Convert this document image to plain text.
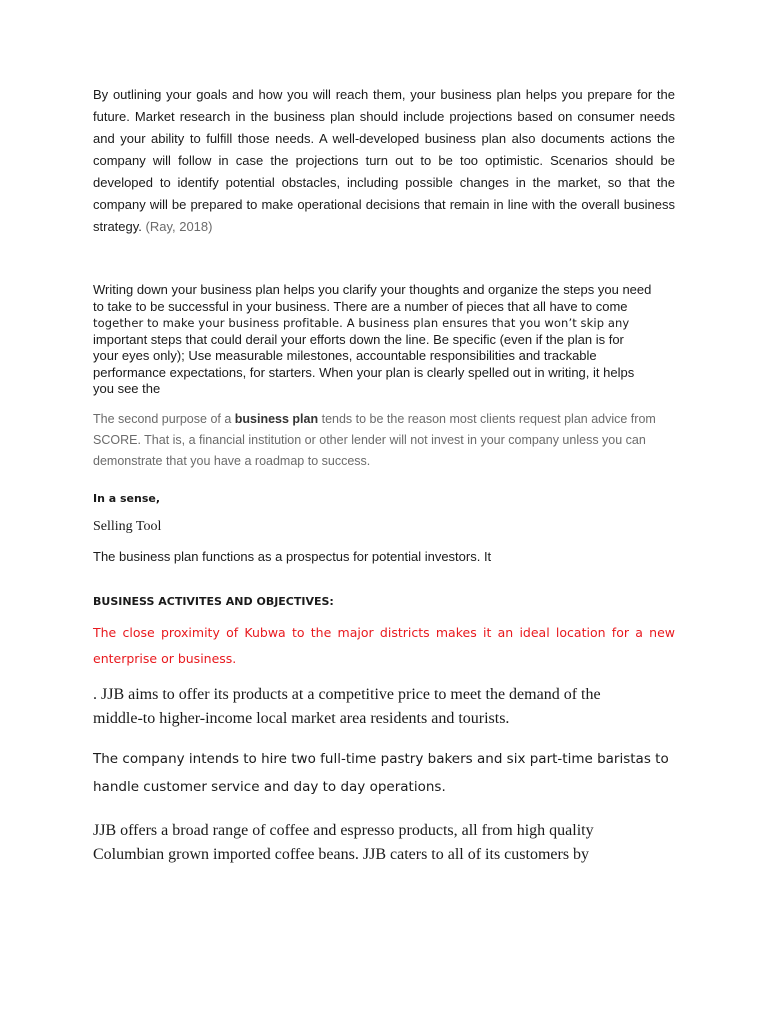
By outlining your goals and how you will reach them, your business plan helps you prepare for the future. Market research in the business plan should include projections based on consumer needs and your ability to fulfill those needs. A well-developed business plan also documents actions the company will follow in case the projections turn out to be too optimistic. Scenarios should be developed to identify potential obstacles, including possible changes in the market, so that the company will be prepared to make operational decisions that remain in line with the overall business strategy. (Ray, 2018)

Writing down your business plan helps you clarify your thoughts and organize the steps you need
to take to be successful in your business. There are a number of pieces that all have to come
together to make your business profitable. A business plan ensures that you won’t skip any
important steps that could derail your efforts down the line. Be specific (even if the plan is for
your eyes only); Use measurable milestones, accountable responsibilities and trackable
performance expectations, for starters. When your plan is clearly spelled out in writing, it helps
you see the

The second purpose of a business plan tends to be the reason most clients request plan advice from SCORE. That is, a financial institution or other lender will not invest in your company unless you can demonstrate that you have a roadmap to success.

In a sense,
Selling Tool
The business plan functions as a prospectus for potential investors. It
BUSINESS ACTIVITES AND OBJECTIVES:

The close proximity of Kubwa to the major districts makes it an ideal location for a new enterprise or business.

. JJB aims to offer its products at a competitive price to meet the demand of the
middle-to higher-income local market area residents and tourists.

The company intends to hire two full-time pastry bakers and six part-time baristas to handle customer service and day to day operations.

JJB offers a broad range of coffee and espresso products, all from high quality
Columbian grown imported coffee beans. JJB caters to all of its customers by
